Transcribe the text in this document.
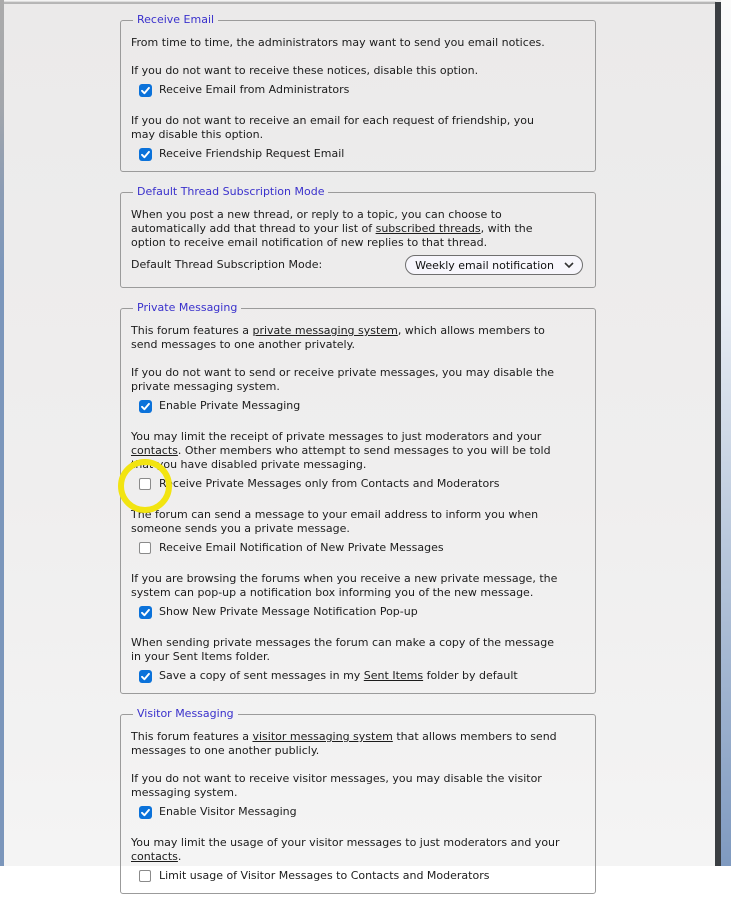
Receive Email
From time to time, the administrators may want to send you email notices.
If you do not want to receive these notices, disable this option.
Receive Email from Administrators
If you do not want to receive an email for each request of friendship, you
may disable this option.
Receive Friendship Request Email
Default Thread Subscription Mode
When you post a new thread, or reply to a topic, you can choose to
automatically add that thread to your list of subscribed threads, with the
option to receive email notification of new replies to that thread.
Default Thread Subscription Mode:	Weekly email notification
Private Messaging
This forum features a private messaging system, which allows members to
send messages to one another privately.
If you do not want to send or receive private messages, you may disable the
private messaging system.
Enable Private Messaging
You may limit the receipt of private messages to just moderators and your
contacts. Other members who attempt to send messages to you will be told
that you have disabled private messaging.
Receive Private Messages only from Contacts and Moderators
The forum can send a message to your email address to inform you when
someone sends you a private message.
Receive Email Notification of New Private Messages
If you are browsing the forums when you receive a new private message, the
system can pop-up a notification box informing you of the new message.
Show New Private Message Notification Pop-up
When sending private messages the forum can make a copy of the message
in your Sent Items folder.
Save a copy of sent messages in my Sent Items folder by default
Visitor Messaging
This forum features a visitor messaging system that allows members to send
messages to one another publicly.
If you do not want to receive visitor messages, you may disable the visitor
messaging system.
Enable Visitor Messaging
You may limit the usage of your visitor messages to just moderators and your
contacts.
Limit usage of Visitor Messages to Contacts and Moderators
